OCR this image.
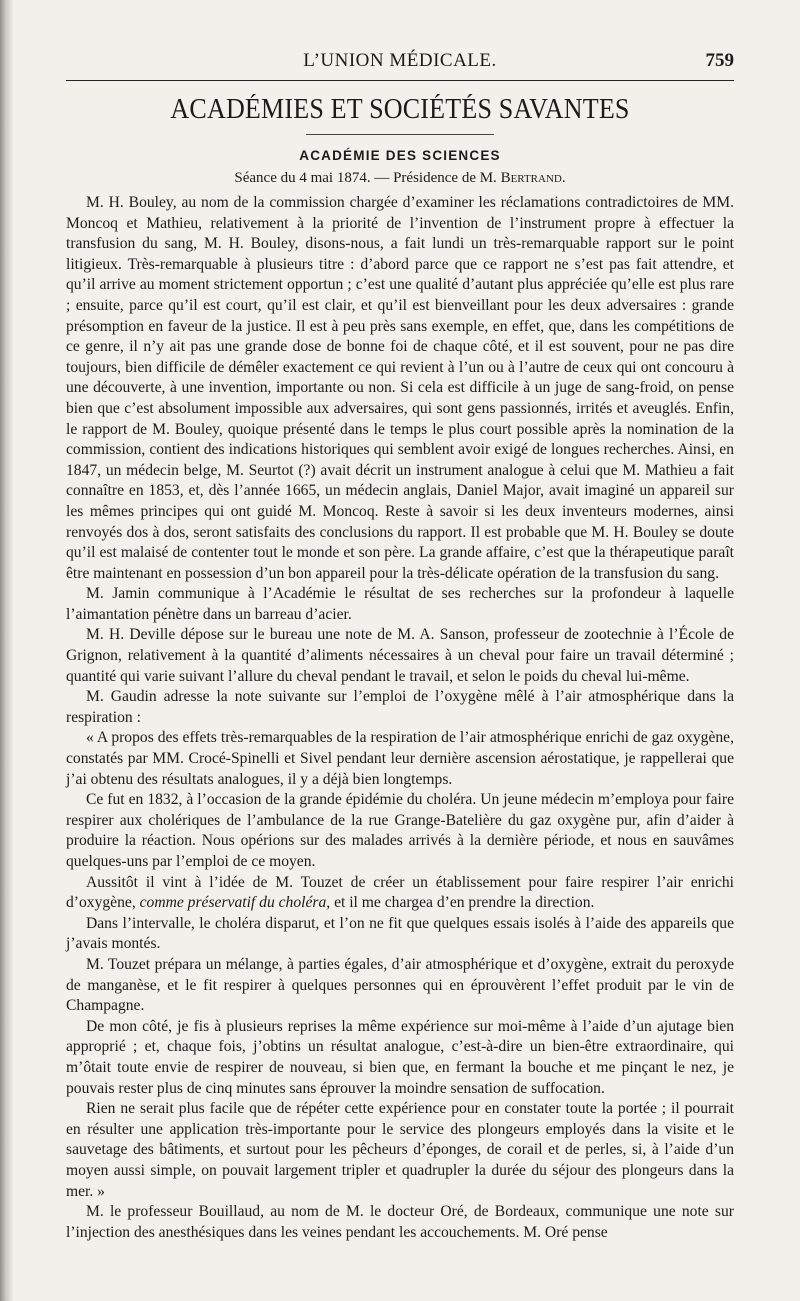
L’UNION MÉDICALE.	759
ACADÉMIES ET SOCIÉTÉS SAVANTES
ACADÉMIE DES SCIENCES
Séance du 4 mai 1874. — Présidence de M. Bertrand.

M. H. Bouley, au nom de la commission chargée d’examiner les réclamations contradictoires de MM. Moncoq et Mathieu, relativement à la priorité de l’invention de l’instrument propre à effectuer la transfusion du sang, M. H. Bouley, disons-nous, a fait lundi un très-remarquable rapport sur le point litigieux. Très-remarquable à plusieurs titre : d’abord parce que ce rapport ne s’est pas fait attendre, et qu’il arrive au moment strictement opportun ; c’est une qualité d’autant plus appréciée qu’elle est plus rare ; ensuite, parce qu’il est court, qu’il est clair, et qu’il est bienveillant pour les deux adversaires : grande présomption en faveur de la justice. Il est à peu près sans exemple, en effet, que, dans les compétitions de ce genre, il n’y ait pas une grande dose de bonne foi de chaque côté, et il est souvent, pour ne pas dire toujours, bien difficile de démêler exactement ce qui revient à l’un ou à l’autre de ceux qui ont concouru à une découverte, à une invention, importante ou non. Si cela est difficile à un juge de sang-froid, on pense bien que c’est absolument impossible aux adversaires, qui sont gens passionnés, irrités et aveuglés. Enfin, le rapport de M. Bouley, quoique présenté dans le temps le plus court possible après la nomination de la commission, contient des indications historiques qui semblent avoir exigé de longues recherches. Ainsi, en 1847, un médecin belge, M. Seurtot (?) avait décrit un instrument analogue à celui que M. Mathieu a fait connaître en 1853, et, dès l’année 1665, un médecin anglais, Daniel Major, avait imaginé un appareil sur les mêmes principes qui ont guidé M. Moncoq. Reste à savoir si les deux inventeurs modernes, ainsi renvoyés dos à dos, seront satisfaits des conclusions du rapport. Il est probable que M. H. Bouley se doute qu’il est malaisé de contenter tout le monde et son père. La grande affaire, c’est que la thérapeutique paraît être maintenant en possession d’un bon appareil pour la très-délicate opération de la transfusion du sang.

M. Jamin communique à l’Académie le résultat de ses recherches sur la profondeur à laquelle l’aimantation pénètre dans un barreau d’acier.

M. H. Deville dépose sur le bureau une note de M. A. Sanson, professeur de zootechnie à l’École de Grignon, relativement à la quantité d’aliments nécessaires à un cheval pour faire un travail déterminé ; quantité qui varie suivant l’allure du cheval pendant le travail, et selon le poids du cheval lui-même.

M. Gaudin adresse la note suivante sur l’emploi de l’oxygène mêlé à l’air atmosphérique dans la respiration :

« A propos des effets très-remarquables de la respiration de l’air atmosphérique enrichi de gaz oxygène, constatés par MM. Crocé-Spinelli et Sivel pendant leur dernière ascension aérostatique, je rappellerai que j’ai obtenu des résultats analogues, il y a déjà bien longtemps.

Ce fut en 1832, à l’occasion de la grande épidémie du choléra. Un jeune médecin m’employa pour faire respirer aux cholériques de l’ambulance de la rue Grange-Batelière du gaz oxygène pur, afin d’aider à produire la réaction. Nous opérions sur des malades arrivés à la dernière période, et nous en sauvâmes quelques-uns par l’emploi de ce moyen.

Aussitôt il vint à l’idée de M. Touzet de créer un établissement pour faire respirer l’air enrichi d’oxygène, comme préservatif du choléra, et il me chargea d’en prendre la direction.

Dans l’intervalle, le choléra disparut, et l’on ne fit que quelques essais isolés à l’aide des appareils que j’avais montés.

M. Touzet prépara un mélange, à parties égales, d’air atmosphérique et d’oxygène, extrait du peroxyde de manganèse, et le fit respirer à quelques personnes qui en éprouvèrent l’effet produit par le vin de Champagne.

De mon côté, je fis à plusieurs reprises la même expérience sur moi-même à l’aide d’un ajutage bien approprié ; et, chaque fois, j’obtins un résultat analogue, c’est-à-dire un bien-être extraordinaire, qui m’ôtait toute envie de respirer de nouveau, si bien que, en fermant la bouche et me pinçant le nez, je pouvais rester plus de cinq minutes sans éprouver la moindre sensation de suffocation.

Rien ne serait plus facile que de répéter cette expérience pour en constater toute la portée ; il pourrait en résulter une application très-importante pour le service des plongeurs employés dans la visite et le sauvetage des bâtiments, et surtout pour les pêcheurs d’éponges, de corail et de perles, si, à l’aide d’un moyen aussi simple, on pouvait largement tripler et quadrupler la durée du séjour des plongeurs dans la mer. »

M. le professeur Bouillaud, au nom de M. le docteur Oré, de Bordeaux, communique une note sur l’injection des anesthésiques dans les veines pendant les accouchements. M. Oré pense
